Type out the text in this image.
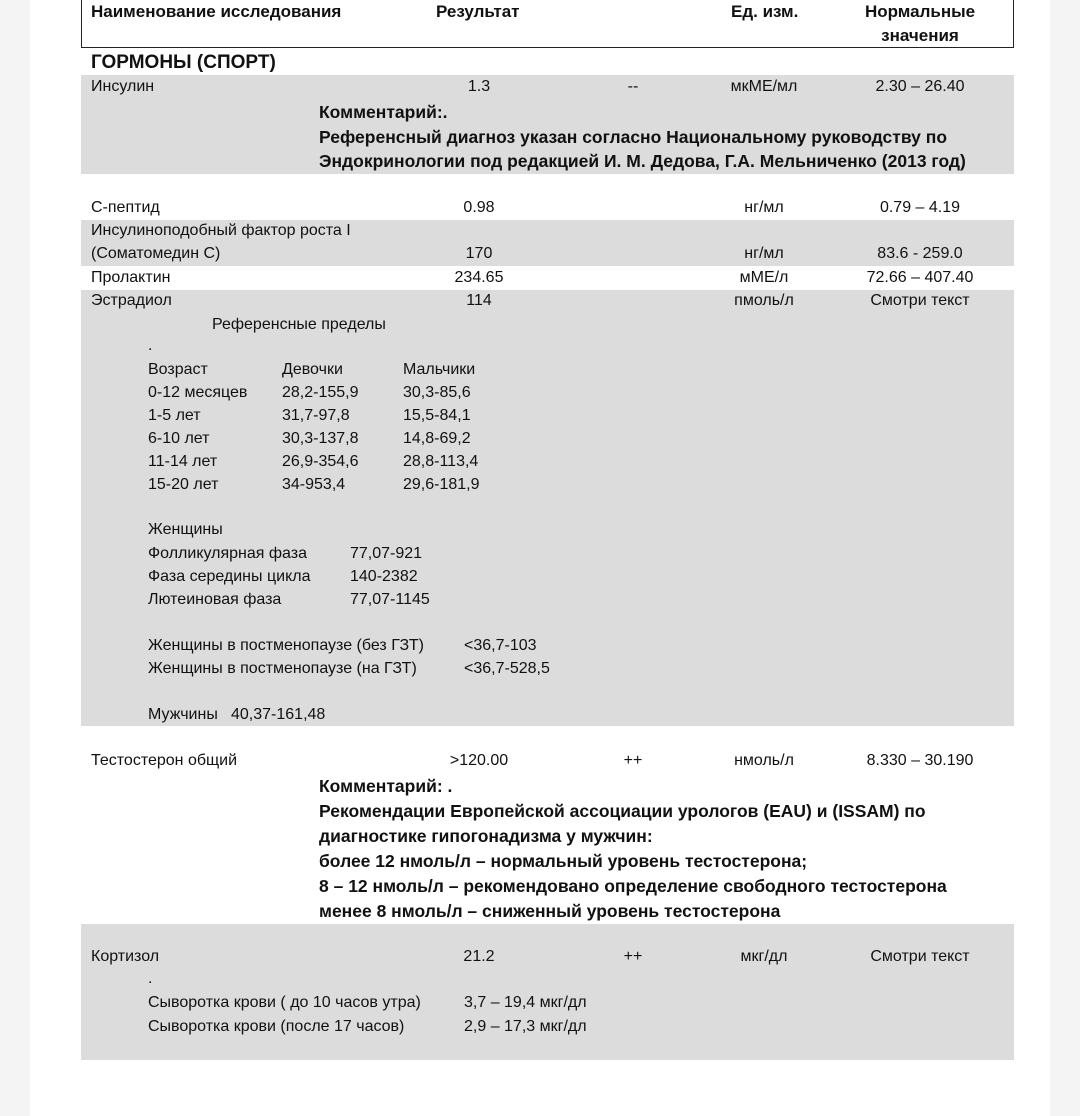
Наименование исследования	Результат	Ед. изм.	Нормальные
значения
ГОРМОНЫ (СПОРТ)
Инсулин	1.3	--	мкМЕ/мл	2.30 – 26.40
Комментарий:.
Референсный диагноз указан согласно Национальному руководству по
Эндокринологии под редакцией И. М. Дедова, Г.А. Мельниченко (2013 год)
С-пептид	0.98	нг/мл	0.79 – 4.19
Инсулиноподобный фактор роста I
(Соматомедин С)	170	нг/мл	83.6 - 259.0
Пролактин	234.65	мМЕ/л	72.66 – 407.40
Эстрадиол	114	пмоль/л	Смотри текст
Референсные пределы
.
Возраст	Девочки	Мальчики
0-12 месяцев 28,2-155,9	30,3-85,6
1-5 лет	31,7-97,8	15,5-84,1
6-10 лет	30,3-137,8	14,8-69,2
11-14 лет	26,9-354,6	28,8-113,4
15-20 лет	34-953,4	29,6-181,9
Женщины
Фолликулярная фаза	77,07-921
Фаза середины цикла 140-2382
Лютеиновая фаза	77,07-1145
Женщины в постменопаузе (без ГЗТ)	<36,7-103
Женщины в постменопаузе (на ГЗТ)	<36,7-528,5
Мужчины 40,37-161,48
Тестостерон общий	>120.00	++	нмоль/л	8.330 – 30.190
Комментарий: .
Рекомендации Европейской ассоциации урологов (EAU) и (ISSAM) по
диагностике гипогонадизма у мужчин:
более 12 нмоль/л – нормальный уровень тестостерона;
8 – 12 нмоль/л – рекомендовано определение свободного тестостерона
менее 8 нмоль/л – сниженный уровень тестостерона
Кортизол	21.2	++	мкг/дл	Смотри текст
.
Сыворотка крови ( до 10 часов утра)	3,7 – 19,4 мкг/дл
Сыворотка крови (после 17 часов)	2,9 – 17,3 мкг/дл
